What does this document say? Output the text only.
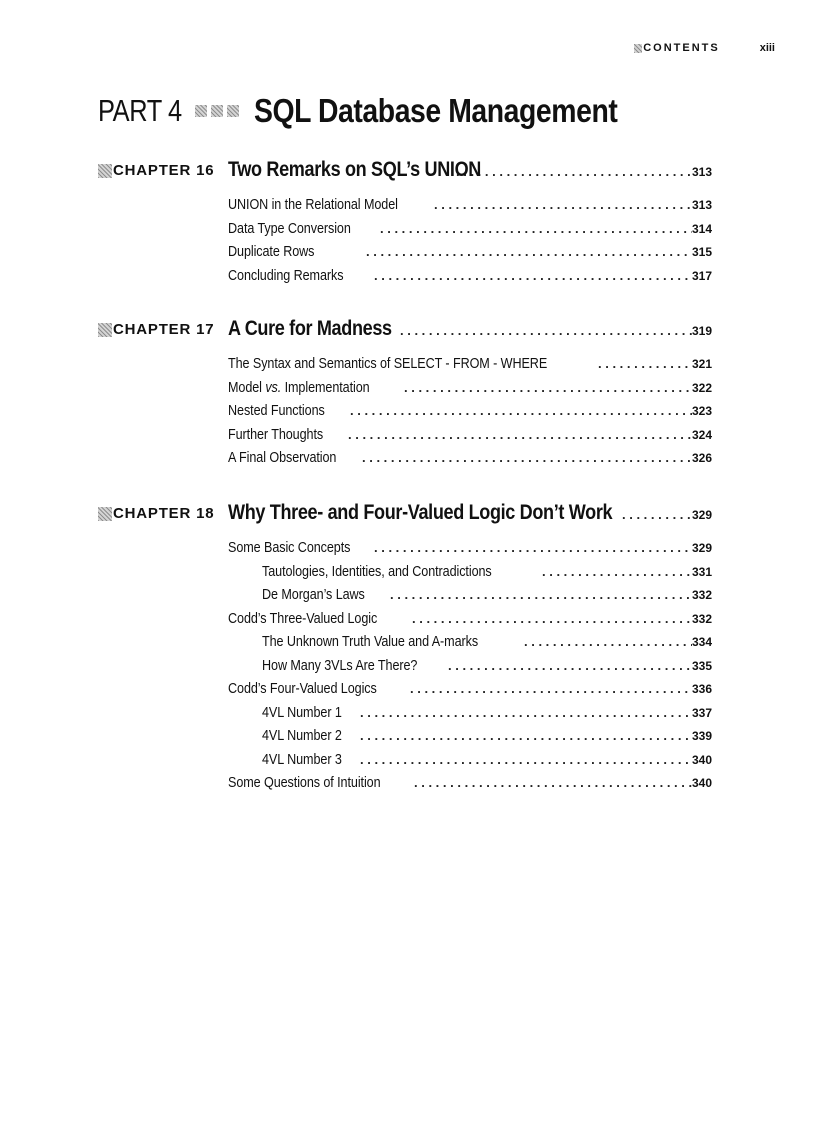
CONTENTS	xiii
PART 4 SQL Database Management
CHAPTER 16 Two Remarks on SQL’s UNION . . .	313
UNION in the Relational Model . . .	313
Data Type Conversion . . .	314
Duplicate Rows . . .	315
Concluding Remarks . . .	317
CHAPTER 17 A Cure for Madness . . .	319
The Syntax and Semantics of SELECT - FROM - WHERE . . .	321
Model vs. Implementation . . .	322
Nested Functions . . .	323
Further Thoughts . . .	324
A Final Observation . . .	326
CHAPTER 18 Why Three- and Four-Valued Logic Don’t Work . . .	329
Some Basic Concepts . . .	329
Tautologies, Identities, and Contradictions . . .	331
De Morgan’s Laws . . .	332
Codd’s Three-Valued Logic . . .	332
The Unknown Truth Value and A-marks . . .	334
How Many 3VLs Are There? . . .	335
Codd’s Four-Valued Logics . . .	336
4VL Number 1 . . .	337
4VL Number 2 . . .	339
4VL Number 3 . . .	340
Some Questions of Intuition . . .	340
